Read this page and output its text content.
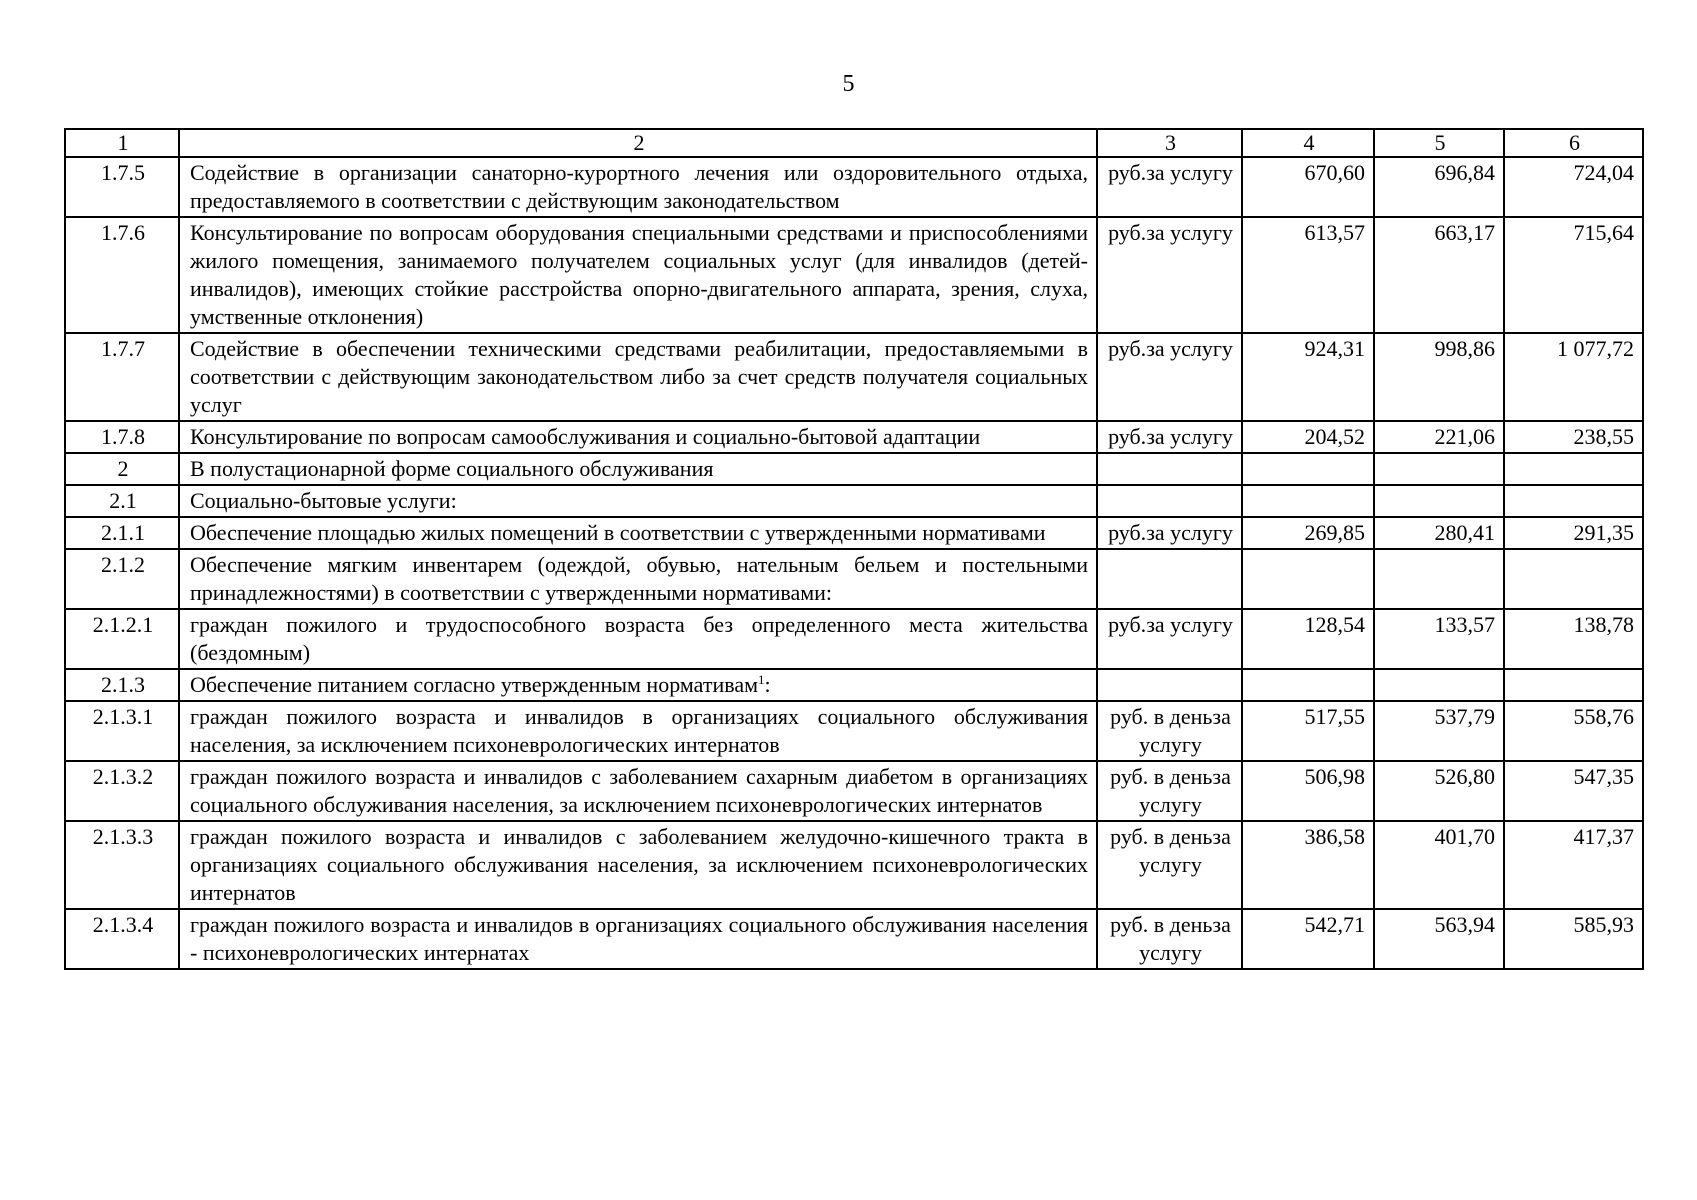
5
1	2	3	4	5	6
1.7.5	Содействие в организации санаторно-курортного лечения или оздоровительного отдыха, предоставляемого в соответствии с действующим законодательством	руб.за услугу	670,60	696,84	724,04
1.7.6	Консультирование по вопросам оборудования специальными средствами и приспособлениями жилого помещения, занимаемого получателем социальных услуг (для инвалидов (детей-инвалидов), имеющих стойкие расстройства опорно-двигательного аппарата, зрения, слуха, умственные отклонения)	руб.за услугу	613,57	663,17	715,64
1.7.7	Содействие в обеспечении техническими средствами реабилитации, предоставляемыми в соответствии с действующим законодательством либо за счет средств получателя социальных услуг	руб.за услугу	924,31	998,86	1 077,72
1.7.8	Консультирование по вопросам самообслуживания и социально-бытовой адаптации	руб.за услугу	204,52	221,06	238,55
2	В полустационарной форме социального обслуживания				
2.1	Социально-бытовые услуги:				
2.1.1	Обеспечение площадью жилых помещений в соответствии с утвержденными нормативами	руб.за услугу	269,85	280,41	291,35
2.1.2	Обеспечение мягким инвентарем (одеждой, обувью, нательным бельем и постельными принадлежностями) в соответствии с утвержденными нормативами:				
2.1.2.1	граждан пожилого и трудоспособного возраста без определенного места жительства (бездомным)	руб.за услугу	128,54	133,57	138,78
2.1.3	Обеспечение питанием согласно утвержденным нормативам$^1$:				
2.1.3.1	граждан пожилого возраста и инвалидов в организациях социального обслуживания населения, за исключением психоневрологических интернатов	руб. в деньза услугу	517,55	537,79	558,76
2.1.3.2	граждан пожилого возраста и инвалидов с заболеванием сахарным диабетом в организациях социального обслуживания населения, за исключением психоневрологических интернатов	руб. в деньза услугу	506,98	526,80	547,35
2.1.3.3	граждан пожилого возраста и инвалидов с заболеванием желудочно-кишечного тракта в организациях социального обслуживания населения, за исключением психоневрологических интернатов	руб. в деньза услугу	386,58	401,70	417,37
2.1.3.4	граждан пожилого возраста и инвалидов в организациях социального обслуживания населения - психоневрологических интернатах	руб. в деньза услугу	542,71	563,94	585,93
